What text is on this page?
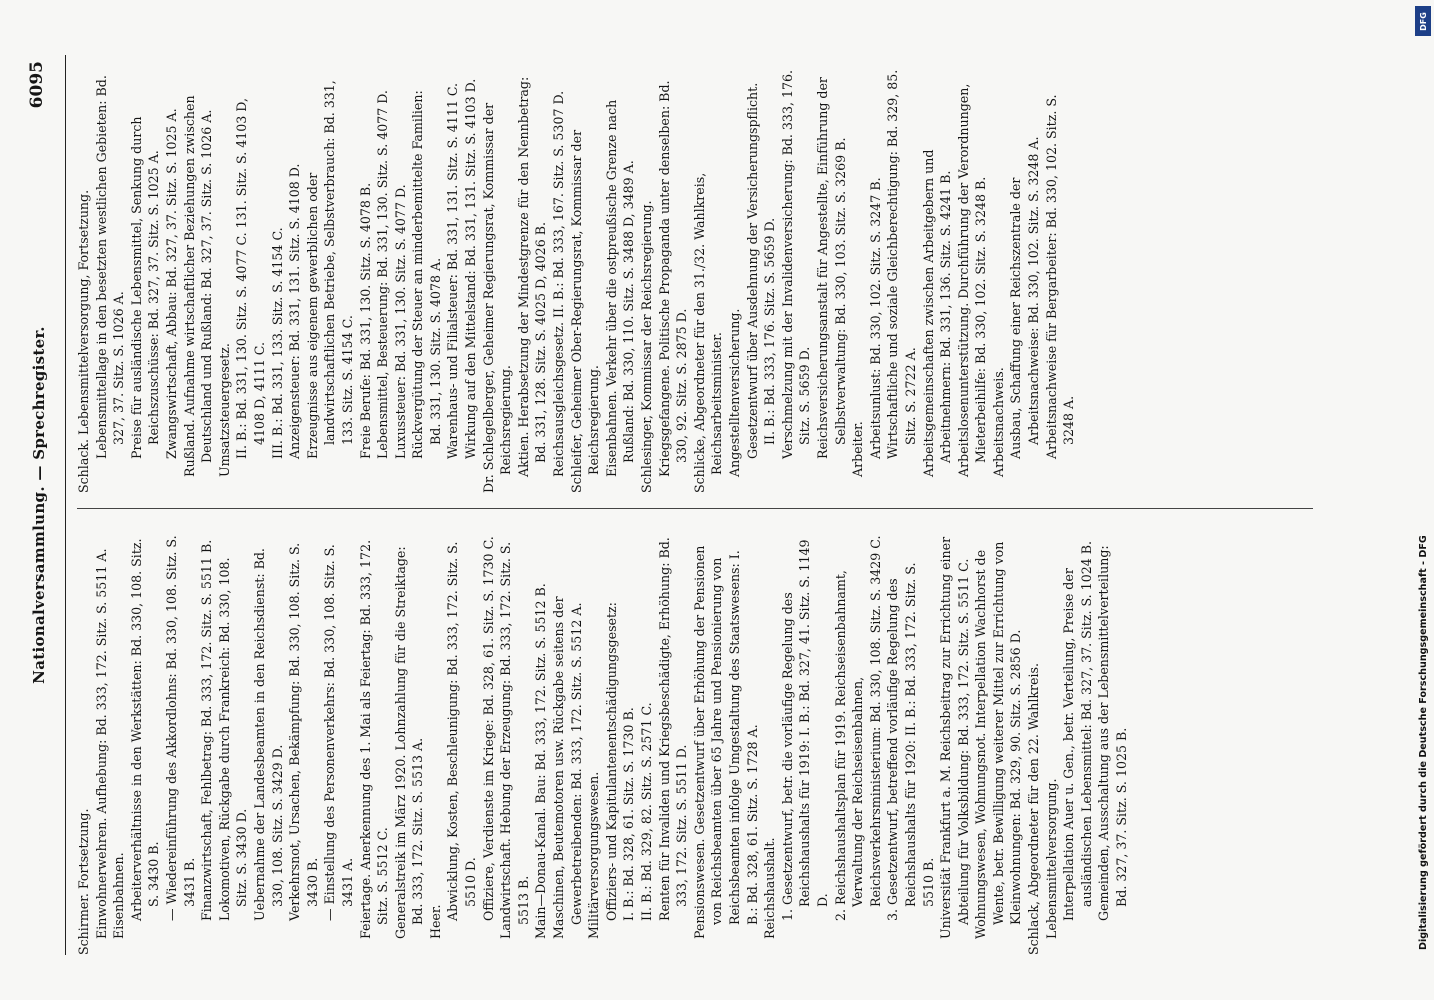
Nationalversammlung. — Sprechregister.
6095
Schirmer. Fortsetzung. Einwohnerwehren. Aufhebung: Bd. 333, 172. Sitz. S. 5511 A. Eisenbahnen. Arbeiterverhältnisse in den Werkstätten: Bd. 330, 108. Sitz. S. 3430 B. — Wiedereinführung des Akkordlohns: Bd. 330, 108. Sitz. S. 3431 B. Finanzwirtschaft, Fehlbetrag: Bd. 333, 172. Sitz. S. 5511 B. Lokomotiven, Rückgabe durch Frankreich: Bd. 330, 108. Sitz. S. 3430 D. Uebernahme der Landesbeamten in den Reichsdienst: Bd. 330, 108. Sitz. S. 3429 D. Verkehrsnot, Ursachen, Bekämpfung: Bd. 330, 108. Sitz. S. 3430 B. — Einstellung des Personenverkehrs: Bd. 330, 108. Sitz. S. 3431 A. Feiertage. Anerkennung des 1. Mai als Feiertag: Bd. 333, 172. Sitz. S. 5512 C. Generalstreik im März 1920. Lohnzahlung für die Streiktage: Bd. 333, 172. Sitz. S. 5513 A. Heer.
Abwicklung, Kosten, Beschleunigung: Bd. 333, 172. Sitz. S. 5510 D. Offiziere, Verdienste im Kriege: Bd. 328, 61. Sitz. S. 1730 C. Landwirtschaft. Hebung der Erzeugung: Bd. 333, 172. Sitz. S. 5513 B. Main—Donau-Kanal. Bau: Bd. 333, 172. Sitz. S. 5512 B. Maschinen, Beutemotoren usw. Rückgabe seitens der Gewerbetreibenden: Bd. 333, 172. Sitz. S. 5512 A. Militärversorgungswesen. Offiziers- und Kapitulantenentschädigungsgesetz: I. B.: Bd. 328, 61. Sitz. S. 1730 B. II. B.: Bd. 329, 82. Sitz. S. 2571 C. Renten für Invaliden und Kriegsbeschädigte, Erhöhung: Bd. 333, 172. Sitz. S. 5511 D. Pensionswesen. Gesetzentwurf über Erhöhung der Pensionen von Reichsbeamten über 65 Jahre und Pensionierung von Reichsbeamten infolge Umgestaltung des Staatswesens: I. B.: Bd. 328, 61. Sitz. S. 1728 A. Reichshaushalt. 1. Gesetzentwurf, betr. die vorläufige Regelung des Reichshaushalts für 1919: I. B.: Bd. 327, 41. Sitz. S. 1149 D. 2. Reichshaushaltsplan für 1919. Reichseisenbahnamt, Verwaltung der Reichseisenbahnen, Reichsverkehrsministerium: Bd. 330, 108. Sitz. S. 3429 C. 3. Gesetzentwurf, betreffend vorläufige Regelung des Reichshaushalts für 1920: II. B.: Bd. 333, 172. Sitz. S. 5510 B. Universität Frankfurt a. M. Reichsbeitrag zur Errichtung einer Abteilung für Volksbildung: Bd. 333, 172. Sitz. S. 5511 C. Wohnungswesen, Wohnungsnot. Interpellation Wachhorst de Wente, betr. Bewilligung weiterer Mittel zur Errichtung von Kleinwohnungen: Bd. 329, 90. Sitz. S. 2856 D. Schlack, Abgeordneter für den 22. Wahlkreis. Lebensmittelversorgung. Interpellation Auer u. Gen., betr. Verteilung, Preise der ausländischen Lebensmittel: Bd. 327, 37. Sitz. S. 1024 B. Gemeinden, Ausschaltung aus der Lebensmittelverteilung: Bd. 327, 37. Sitz. S. 1025 B.
Schlack. Lebensmittelversorgung, Fortsetzung. Lebensmittellage in den besetzten westlichen Gebieten: Bd. 327, 37. Sitz. S. 1026 A. Preise für ausländische Lebensmittel, Senkung durch Reichszuschüsse: Bd. 327, 37. Sitz. S. 1025 A. Zwangswirtschaft, Abbau: Bd. 327, 37. Sitz. S. 1025 A. Rußland. Aufnahme wirtschaftlicher Beziehungen zwischen Deutschland und Rußland: Bd. 327, 37. Sitz. S. 1026 A. Umsatzsteuergesetz. II. B.: Bd. 331, 130. Sitz. S. 4077 C. 131. Sitz. S. 4103 D, 4108 D, 4111 C. III. B.: Bd. 331, 133. Sitz. S. 4154 C. Anzeigensteuer: Bd. 331, 131. Sitz. S. 4108 D. Erzeugnisse aus eigenem gewerblichen oder landwirtschaftlichen Betriebe, Selbstverbrauch: Bd. 331, 133. Sitz. S. 4154 C. Freie Berufe: Bd. 331, 130. Sitz. S. 4078 B. Lebensmittel, Besteuerung: Bd. 331, 130. Sitz. S. 4077 D. Luxussteuer: Bd. 331, 130. Sitz. S. 4077 D. Rückvergütung der Steuer an minderbemittelte Familien: Bd. 331, 130. Sitz. S. 4078 A. Warenhaus- und Filialsteuer: Bd. 331, 131. Sitz. S. 4111 C. Wirkung auf den Mittelstand: Bd. 331, 131. Sitz. S. 4103 D. Dr. Schlegelberger, Geheimer Regierungsrat, Kommissar der Reichsregierung. Aktien. Herabsetzung der Mindestgrenze für den Nennbetrag: Bd. 331, 128. Sitz. S. 4025 D, 4026 B. Reichsausgleichsgesetz. II. B.: Bd. 333, 167. Sitz. S. 5307 D. Schleifer, Geheimer Ober-Regierungsrat, Kommissar der Reichsregierung. Eisenbahnen. Verkehr über die ostpreußische Grenze nach Rußland: Bd. 330, 110. Sitz. S. 3488 D, 3489 A. Schlesinger, Kommissar der Reichsregierung. Kriegsgefangene. Politische Propaganda unter denselben: Bd. 330, 92. Sitz. S. 2875 D. Schlicke, Abgeordneter für den 31./32. Wahlkreis, Reichsarbeitsminister. Angestelltenversicherung. Gesetzentwurf über Ausdehnung der Versicherungspflicht. II. B.: Bd. 333, 176. Sitz. S. 5659 D. Verschmelzung mit der Invalidenversicherung: Bd. 333, 176. Sitz. S. 5659 D. Reichsversicherungsanstalt für Angestellte, Einführung der Selbstverwaltung: Bd. 330, 103. Sitz. S. 3269 B.
Arbeiter. Arbeitsunlust: Bd. 330, 102. Sitz. S. 3247 B. Wirtschaftliche und soziale Gleichberechtigung: Bd. 329, 85. Sitz. S. 2722 A. Arbeitsgemeinschaften zwischen Arbeitgebern und Arbeitnehmern: Bd. 331, 136. Sitz. S. 4241 B. Arbeitslosenunterstützung. Durchführung der Verordnungen, Mieterbeihilfe: Bd. 330, 102. Sitz. S. 3248 B. Arbeitsnachweis. Ausbau, Schaffung einer Reichszentrale der Arbeitsnachweise: Bd. 330, 102. Sitz. S. 3248 A. Arbeitsnachweise für Bergarbeiter: Bd. 330, 102. Sitz. S. 3248 A.
DFG
Digitalisierung gefördert durch die Deutsche Forschungsgemeinschaft - DFG
